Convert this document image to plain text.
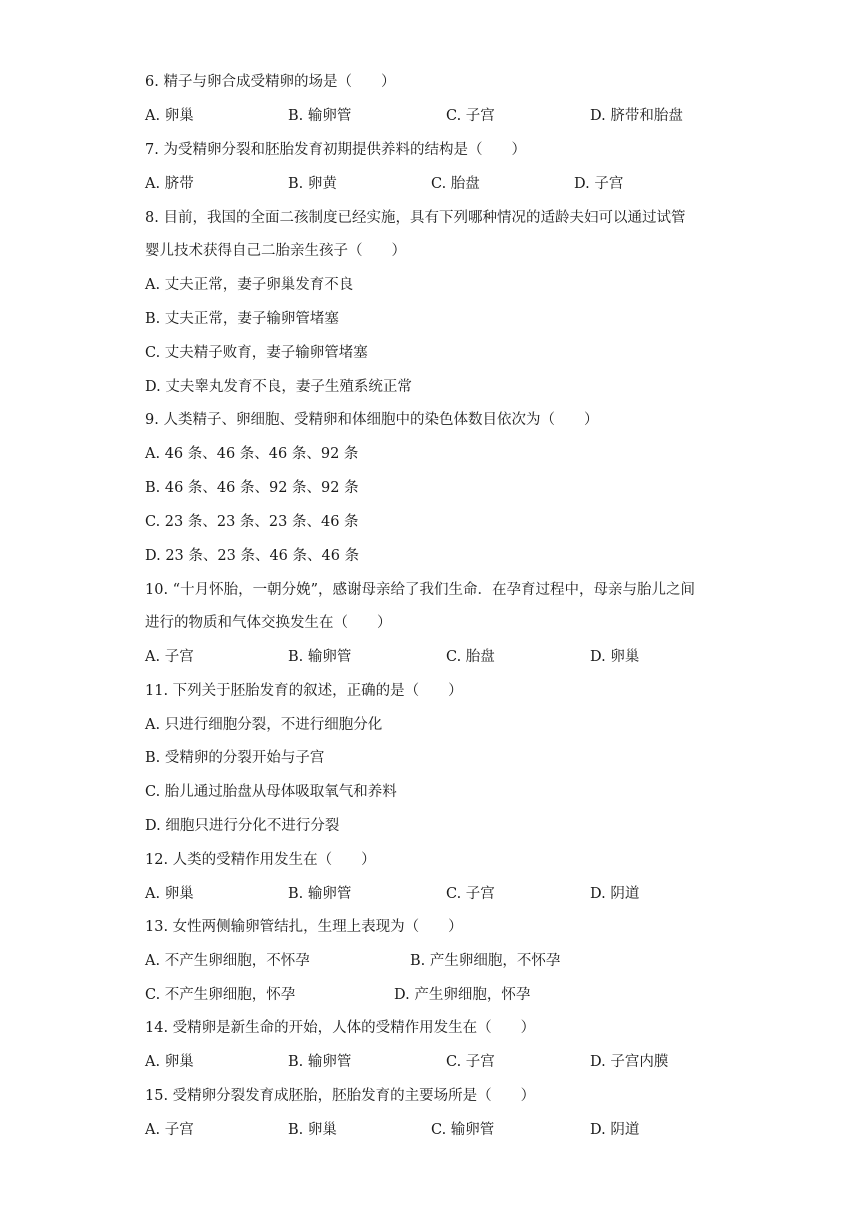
6. 精子与卵合成受精卵的场是（　　）
A. 卵巢	B. 输卵管	C. 子宫	D. 脐带和胎盘
7. 为受精卵分裂和胚胎发育初期提供养料的结构是（　　）
A. 脐带	B. 卵黄	C. 胎盘	D. 子宫
8. 目前，我国的全面二孩制度已经实施，具有下列哪种情况的适龄夫妇可以通过试管
婴儿技术获得自己二胎亲生孩子（　　）
A. 丈夫正常，妻子卵巢发育不良
B. 丈夫正常，妻子输卵管堵塞
C. 丈夫精子败育，妻子输卵管堵塞
D. 丈夫睾丸发育不良，妻子生殖系统正常
9. 人类精子、卵细胞、受精卵和体细胞中的染色体数目依次为（　　）
A. 46 条、46 条、46 条、92 条
B. 46 条、46 条、92 条、92 条
C. 23 条、23 条、23 条、46 条
D. 23 条、23 条、46 条、46 条
10. “十月怀胎，一朝分娩”，感谢母亲给了我们生命．在孕育过程中，母亲与胎儿之间
进行的物质和气体交换发生在（　　）
A. 子宫	B. 输卵管	C. 胎盘	D. 卵巢
11. 下列关于胚胎发育的叙述，正确的是（　　）
A. 只进行细胞分裂，不进行细胞分化
B. 受精卵的分裂开始与子宫
C. 胎儿通过胎盘从母体吸取氧气和养料
D. 细胞只进行分化不进行分裂
12. 人类的受精作用发生在（　　）
A. 卵巢	B. 输卵管	C. 子宫	D. 阴道
13. 女性两侧输卵管结扎，生理上表现为（　　）
A. 不产生卵细胞，不怀孕	B. 产生卵细胞，不怀孕
C. 不产生卵细胞，怀孕	D. 产生卵细胞，怀孕
14. 受精卵是新生命的开始，人体的受精作用发生在（　　）
A. 卵巢	B. 输卵管	C. 子宫	D. 子宫内膜
15. 受精卵分裂发育成胚胎，胚胎发育的主要场所是（　　）
A. 子宫	B. 卵巢	C. 输卵管	D. 阴道
